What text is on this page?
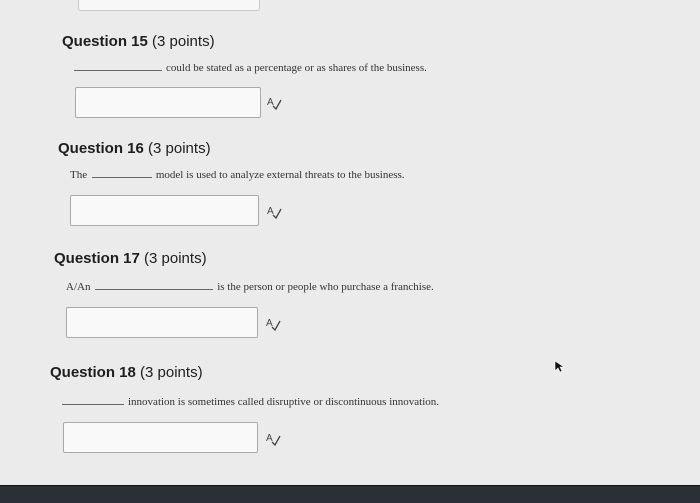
Question 15 (3 points)
could be stated as a percentage or as shares of the business.
A
Question 16 (3 points)
The	model is used to analyze external threats to the business.
A
Question 17 (3 points)
A/An	is the person or people who purchase a franchise.
A
Question 18 (3 points)
innovation is sometimes called disruptive or discontinuous innovation.
A
